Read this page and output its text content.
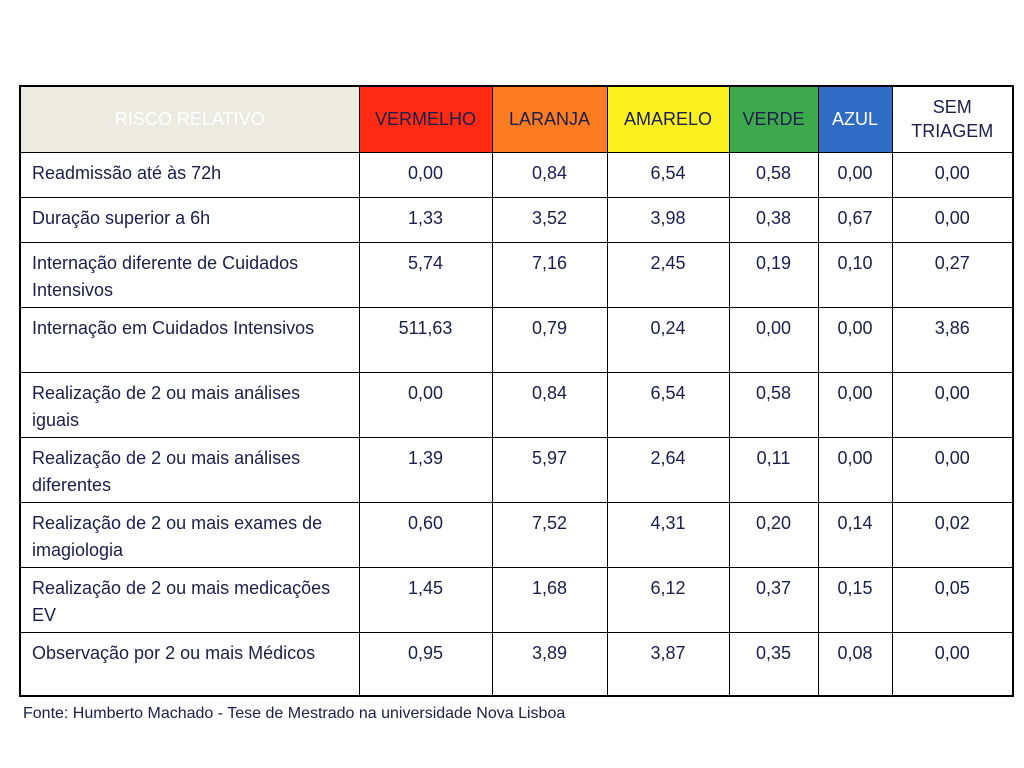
RISCO RELATIVO	VERMELHO	LARANJA	AMARELO	VERDE	AZUL	SEM TRIAGEM
Readmissão até às 72h	0,00	0,84	6,54	0,58	0,00	0,00
Duração superior a 6h	1,33	3,52	3,98	0,38	0,67	0,00
Internação diferente de Cuidados Intensivos	5,74	7,16	2,45	0,19	0,10	0,27
Internação em Cuidados Intensivos	511,63	0,79	0,24	0,00	0,00	3,86
Realização de 2 ou mais análises iguais	0,00	0,84	6,54	0,58	0,00	0,00
Realização de 2 ou mais análises diferentes	1,39	5,97	2,64	0,11	0,00	0,00
Realização de 2 ou mais exames de imagiologia	0,60	7,52	4,31	0,20	0,14	0,02
Realização de 2 ou mais medicações EV	1,45	1,68	6,12	0,37	0,15	0,05
Observação por 2 ou mais Médicos	0,95	3,89	3,87	0,35	0,08	0,00
Fonte: Humberto Machado - Tese de Mestrado na universidade Nova Lisboa
